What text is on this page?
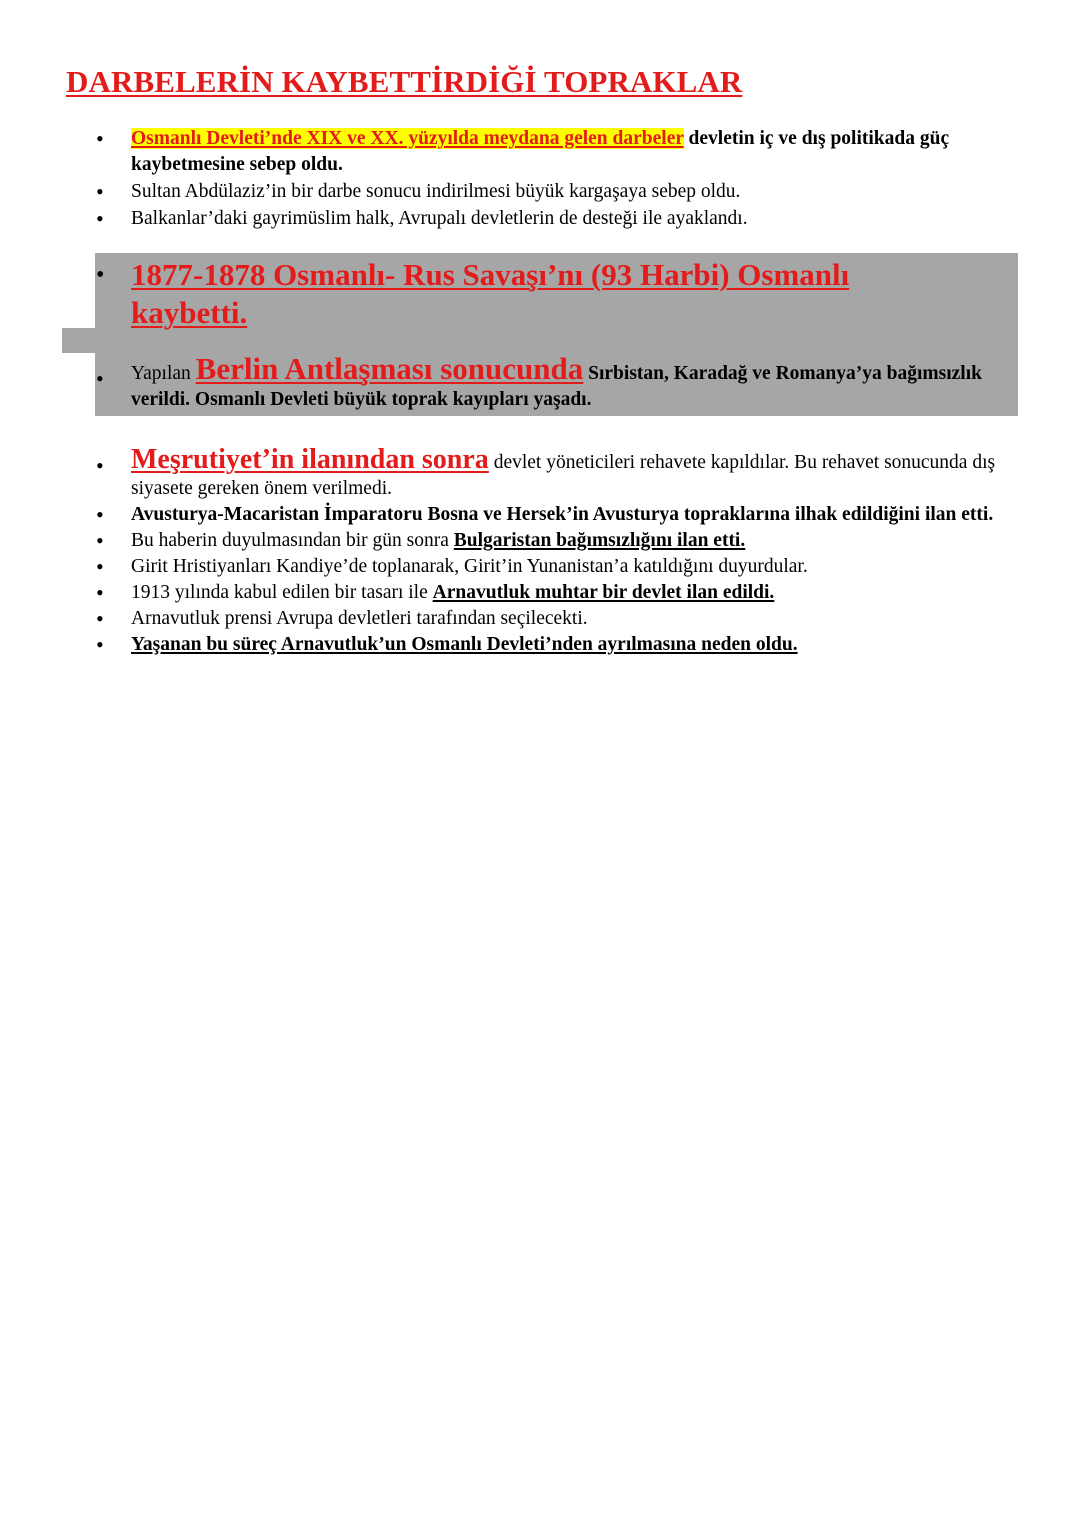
DARBELERİN KAYBETTİRDİĞİ TOPRAKLAR
• Osmanlı Devleti’nde XIX ve XX. yüzyılda meydana gelen darbeler devletin iç ve dış politikada güç kaybetmesine sebep oldu.
• Sultan Abdülaziz’in bir darbe sonucu indirilmesi büyük kargaşaya sebep oldu.
• Balkanlar’daki gayrimüslim halk, Avrupalı devletlerin de desteği ile ayaklandı.
• 1877-1878 Osmanlı- Rus Savaşı’nı (93 Harbi) Osmanlı kaybetti.
• Yapılan Berlin Antlaşması sonucunda Sırbistan, Karadağ ve Romanya’ya bağımsızlık verildi. Osmanlı Devleti büyük toprak kayıpları yaşadı.
• Meşrutiyet’in ilanından sonra devlet yöneticileri rehavete kapıldılar. Bu rehavet sonucunda dış siyasete gereken önem verilmedi.
• Avusturya-Macaristan İmparatoru Bosna ve Hersek’in Avusturya topraklarına ilhak edildiğini ilan etti.
• Bu haberin duyulmasından bir gün sonra Bulgaristan bağımsızlığını ilan etti.
• Girit Hristiyanları Kandiye’de toplanarak, Girit’in Yunanistan’a katıldığını duyurdular.
• 1913 yılında kabul edilen bir tasarı ile Arnavutluk muhtar bir devlet ilan edildi.
• Arnavutluk prensi Avrupa devletleri tarafından seçilecekti.
• Yaşanan bu süreç Arnavutluk’un Osmanlı Devleti’nden ayrılmasına neden oldu.
